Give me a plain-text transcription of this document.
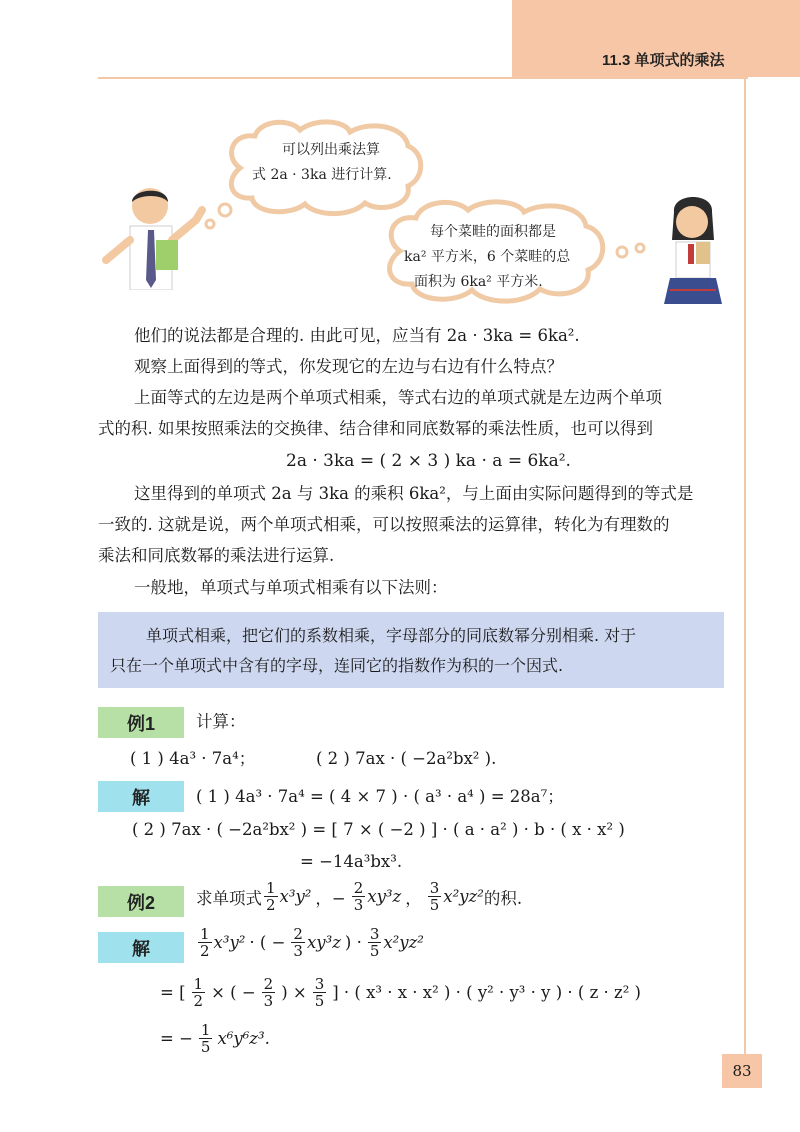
11.3 单项式的乘法
可以列出乘法算
式 2a · 3ka 进行计算.
每个菜畦的面积都是
ka² 平方米，6 个菜畦的总
面积为 6ka² 平方米.
他们的说法都是合理的. 由此可见，应当有 2a · 3ka = 6ka².
观察上面得到的等式，你发现它的左边与右边有什么特点？
上面等式的左边是两个单项式相乘，等式右边的单项式就是左边两个单项
式的积. 如果按照乘法的交换律、结合律和同底数幂的乘法性质，也可以得到
2a · 3ka = ( 2 × 3 ) ka · a = 6ka².
这里得到的单项式 2a 与 3ka 的乘积 6ka²，与上面由实际问题得到的等式是
一致的. 这就是说，两个单项式相乘，可以按照乘法的运算律，转化为有理数的
乘法和同底数幂的乘法进行运算.
一般地，单项式与单项式相乘有以下法则：
单项式相乘，把它们的系数相乘，字母部分的同底数幂分别相乘. 对于
只在一个单项式中含有的字母，连同它的指数作为积的一个因式.
例1	计算：
( 1 ) 4a³ · 7a⁴；	( 2 ) 7ax · ( −2a²bx² ).
解	( 1 ) 4a³ · 7a⁴ = ( 4 × 7 ) · ( a³ · a⁴ ) = 28a⁷；
( 2 ) 7ax · ( −2a²bx² ) = [ 7 × ( −2 ) ] · ( a · a² ) · b · ( x · x² )
= −14a³bx³.
例2	求单项式 $\frac{1}{2} x^3y^2$ ，− $\frac{2}{3} xy^3z$ ， $\frac{3}{5} x^2yz^2$ 的积.
解	$\frac{1}{2} x^3y^2$ · ( − $\frac{2}{3} xy^3z$ ) · $\frac{3}{5} x^2yz^2$
= [ $\frac{1}{2}$ × ( − $\frac{2}{3}$ ) × $\frac{3}{5}$ ] · ( x³ · x · x² ) · ( y² · y³ · y ) · ( z · z² )
= − $\frac{1}{5} x^6y^6z^3$.
83
